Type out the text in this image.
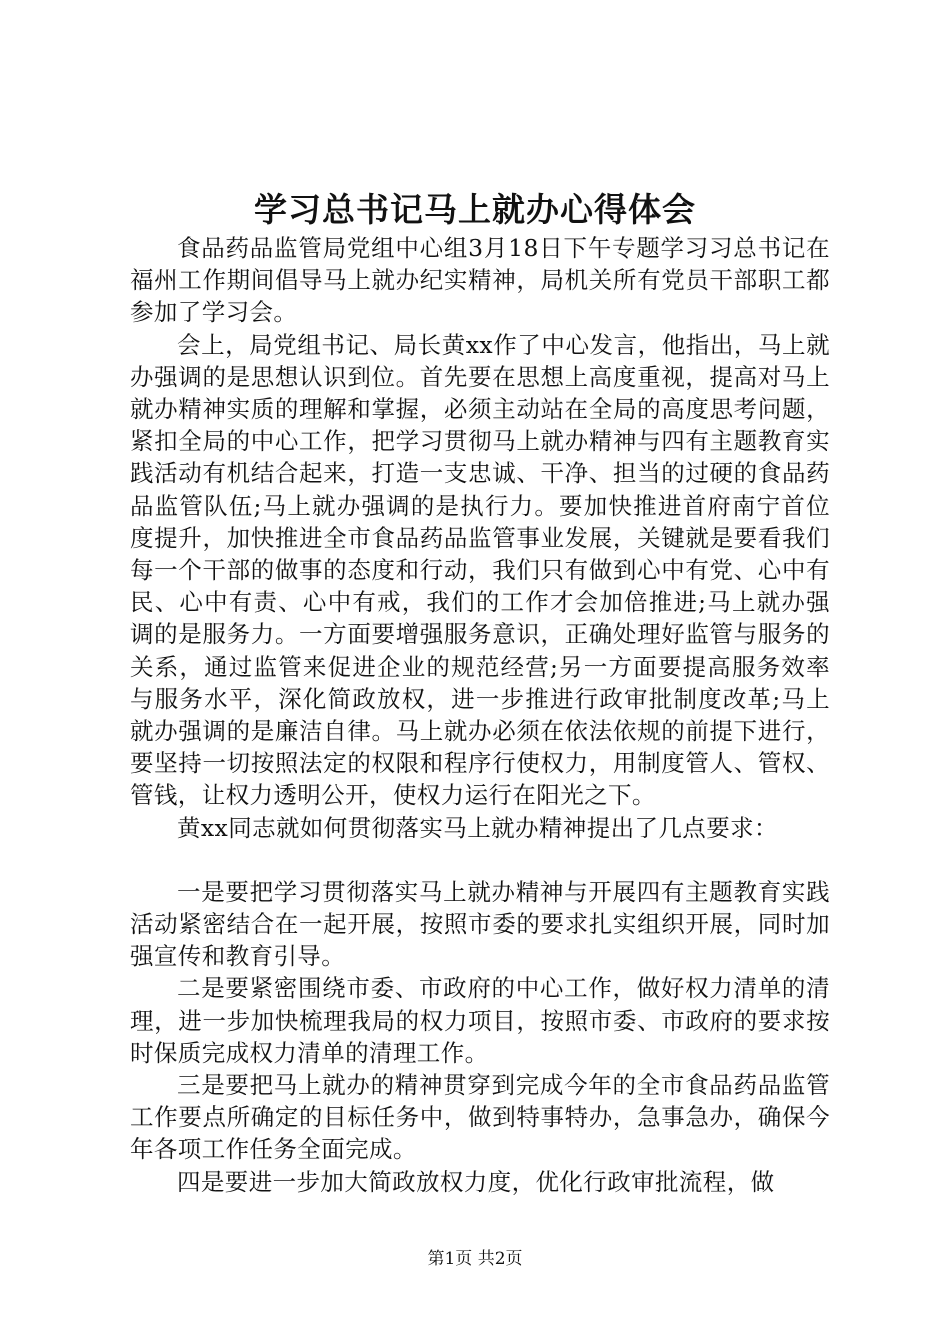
学习总书记马上就办心得体会

食品药品监管局党组中心组3月18日下午专题学习习总书记在福州工作期间倡导马上就办纪实精神，局机关所有党员干部职工都参加了学习会。

会上，局党组书记、局长黄xx作了中心发言，他指出，马上就办强调的是思想认识到位。首先要在思想上高度重视，提高对马上就办精神实质的理解和掌握，必须主动站在全局的高度思考问题，紧扣全局的中心工作，把学习贯彻马上就办精神与四有主题教育实践活动有机结合起来，打造一支忠诚、干净、担当的过硬的食品药品监管队伍;马上就办强调的是执行力。要加快推进首府南宁首位度提升，加快推进全市食品药品监管事业发展，关键就是要看我们每一个干部的做事的态度和行动，我们只有做到心中有党、心中有民、心中有责、心中有戒，我们的工作才会加倍推进;马上就办强调的是服务力。一方面要增强服务意识，正确处理好监管与服务的关系，通过监管来促进企业的规范经营;另一方面要提高服务效率与服务水平，深化简政放权，进一步推进行政审批制度改革;马上就办强调的是廉洁自律。马上就办必须在依法依规的前提下进行，要坚持一切按照法定的权限和程序行使权力，用制度管人、管权、管钱，让权力透明公开，使权力运行在阳光之下。

黄xx同志就如何贯彻落实马上就办精神提出了几点要求：

一是要把学习贯彻落实马上就办精神与开展四有主题教育实践活动紧密结合在一起开展，按照市委的要求扎实组织开展，同时加强宣传和教育引导。

二是要紧密围绕市委、市政府的中心工作，做好权力清单的清理，进一步加快梳理我局的权力项目，按照市委、市政府的要求按时保质完成权力清单的清理工作。

三是要把马上就办的精神贯穿到完成今年的全市食品药品监管工作要点所确定的目标任务中，做到特事特办，急事急办，确保今年各项工作任务全面完成。

四是要进一步加大简政放权力度，优化行政审批流程，做

第1页 共2页
